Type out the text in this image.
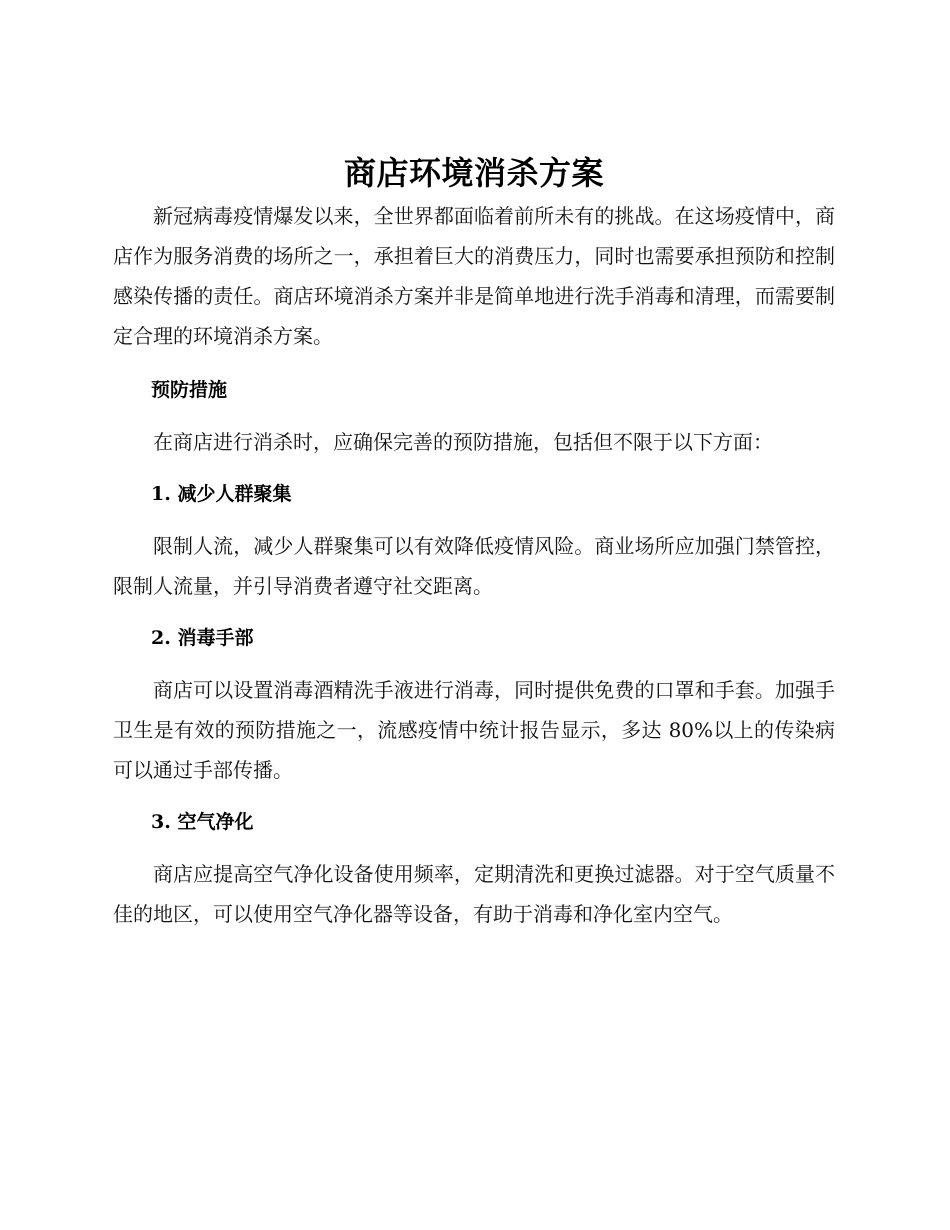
商店环境消杀方案

新冠病毒疫情爆发以来，全世界都面临着前所未有的挑战。在这场疫情中，商店作为服务消费的场所之一，承担着巨大的消费压力，同时也需要承担预防和控制感染传播的责任。商店环境消杀方案并非是简单地进行洗手消毒和清理，而需要制定合理的环境消杀方案。

预防措施

在商店进行消杀时，应确保完善的预防措施，包括但不限于以下方面：

1. 减少人群聚集

限制人流，减少人群聚集可以有效降低疫情风险。商业场所应加强门禁管控，限制人流量，并引导消费者遵守社交距离。

2. 消毒手部

商店可以设置消毒酒精洗手液进行消毒，同时提供免费的口罩和手套。加强手卫生是有效的预防措施之一，流感疫情中统计报告显示，多达 80%以上的传染病可以通过手部传播。

3. 空气净化

商店应提高空气净化设备使用频率，定期清洗和更换过滤器。对于空气质量不佳的地区，可以使用空气净化器等设备，有助于消毒和净化室内空气。
